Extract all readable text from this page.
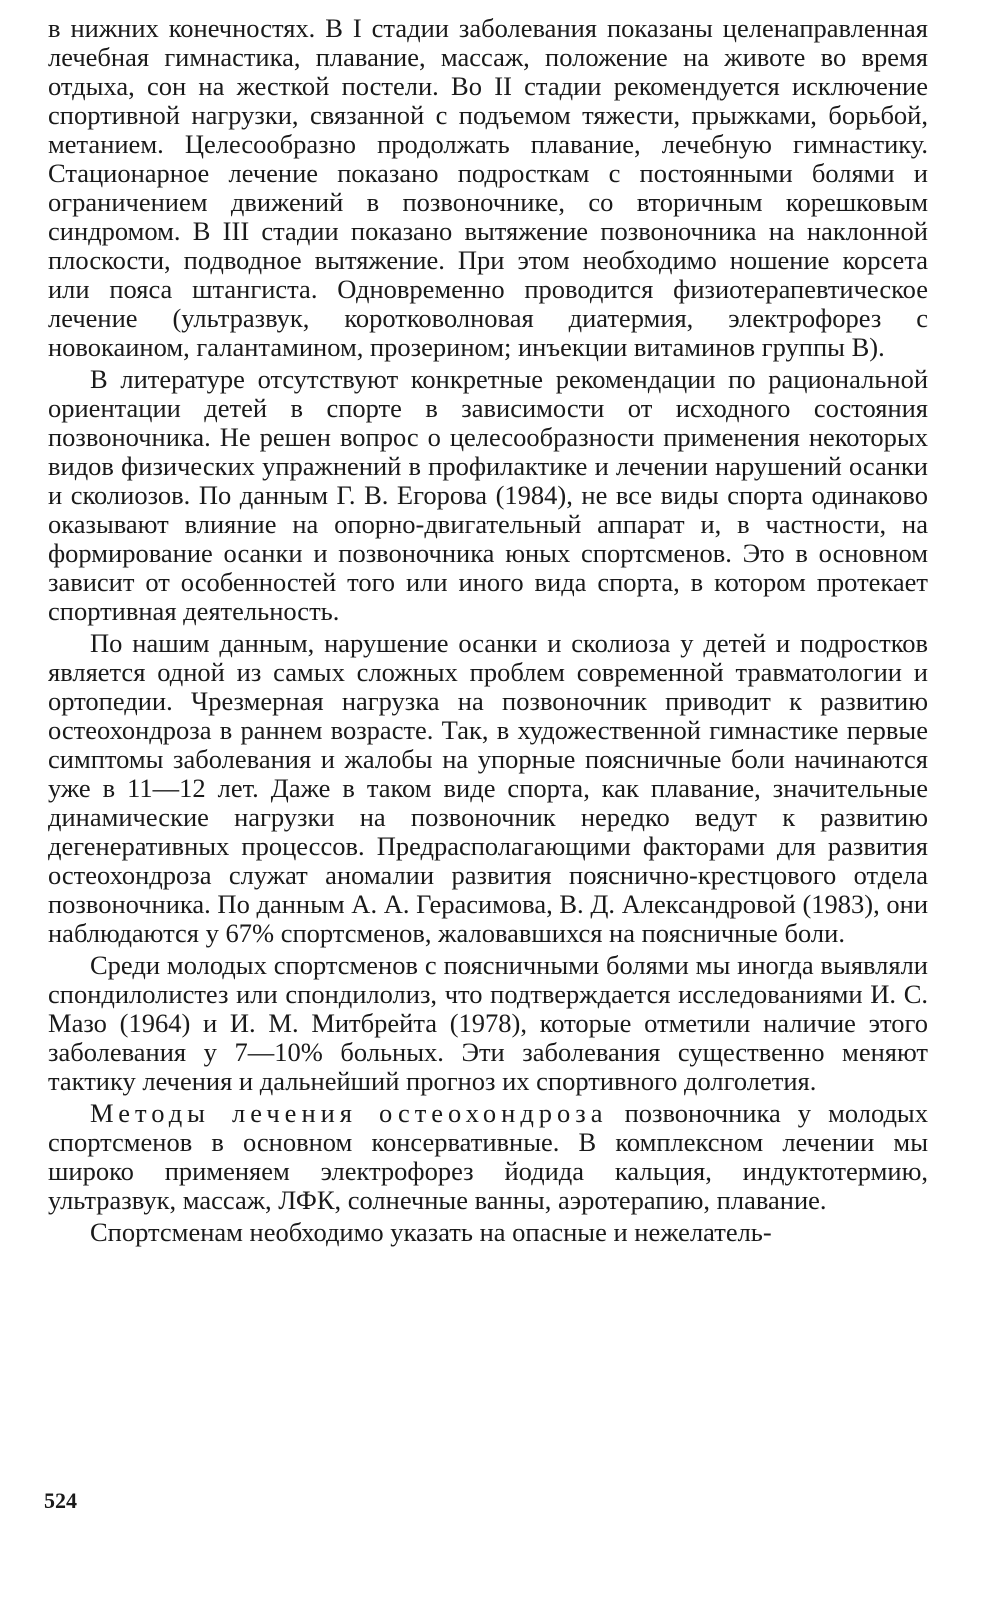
в нижних конечностях. В I стадии заболевания показаны целенаправленная лечебная гимнастика, плавание, массаж, положение на животе во время отдыха, сон на жесткой постели. Во II стадии рекомендуется исключение спортивной нагрузки, связанной с подъемом тяжести, прыжками, борьбой, метанием. Целесообразно продолжать плавание, лечебную гимнастику. Стационарное лечение показано подросткам с постоянными болями и ограничением движений в позвоночнике, со вторичным корешковым синдромом. В III стадии показано вытяжение позвоночника на наклонной плоскости, подводное вытяжение. При этом необходимо ношение корсета или пояса штангиста. Одновременно проводится физиотерапевтическое лечение (ультразвук, коротковолновая диатермия, электрофорез с новокаином, галантамином, прозерином; инъекции витаминов группы B).

В литературе отсутствуют конкретные рекомендации по рациональной ориентации детей в спорте в зависимости от исходного состояния позвоночника. Не решен вопрос о целесообразности применения некоторых видов физических упражнений в профилактике и лечении нарушений осанки и сколиозов. По данным Г. В. Егорова (1984), не все виды спорта одинаково оказывают влияние на опорно-двигательный аппарат и, в частности, на формирование осанки и позвоночника юных спортсменов. Это в основном зависит от особенностей того или иного вида спорта, в котором протекает спортивная деятельность.

По нашим данным, нарушение осанки и сколиоза у детей и подростков является одной из самых сложных проблем современной травматологии и ортопедии. Чрезмерная нагрузка на позвоночник приводит к развитию остеохондроза в раннем возрасте. Так, в художественной гимнастике первые симптомы заболевания и жалобы на упорные поясничные боли начинаются уже в 11—12 лет. Даже в таком виде спорта, как плавание, значительные динамические нагрузки на позвоночник нередко ведут к развитию дегенеративных процессов. Предрасполагающими факторами для развития остеохондроза служат аномалии развития пояснично-крестцового отдела позвоночника. По данным А. А. Герасимова, В. Д. Александровой (1983), они наблюдаются у 67% спортсменов, жаловавшихся на поясничные боли.

Среди молодых спортсменов с поясничными болями мы иногда выявляли спондилолистез или спондилолиз, что подтверждается исследованиями И. С. Мазо (1964) и И. М. Митбрейта (1978), которые отметили наличие этого заболевания у 7—10% больных. Эти заболевания существенно меняют тактику лечения и дальнейший прогноз их спортивного долголетия.

Методы лечения остеохондроза позвоночника у молодых спортсменов в основном консервативные. В комплексном лечении мы широко применяем электрофорез йодида кальция, индуктотермию, ультразвук, массаж, ЛФК, солнечные ванны, аэротерапию, плавание.

Спортсменам необходимо указать на опасные и нежелатель-

524
